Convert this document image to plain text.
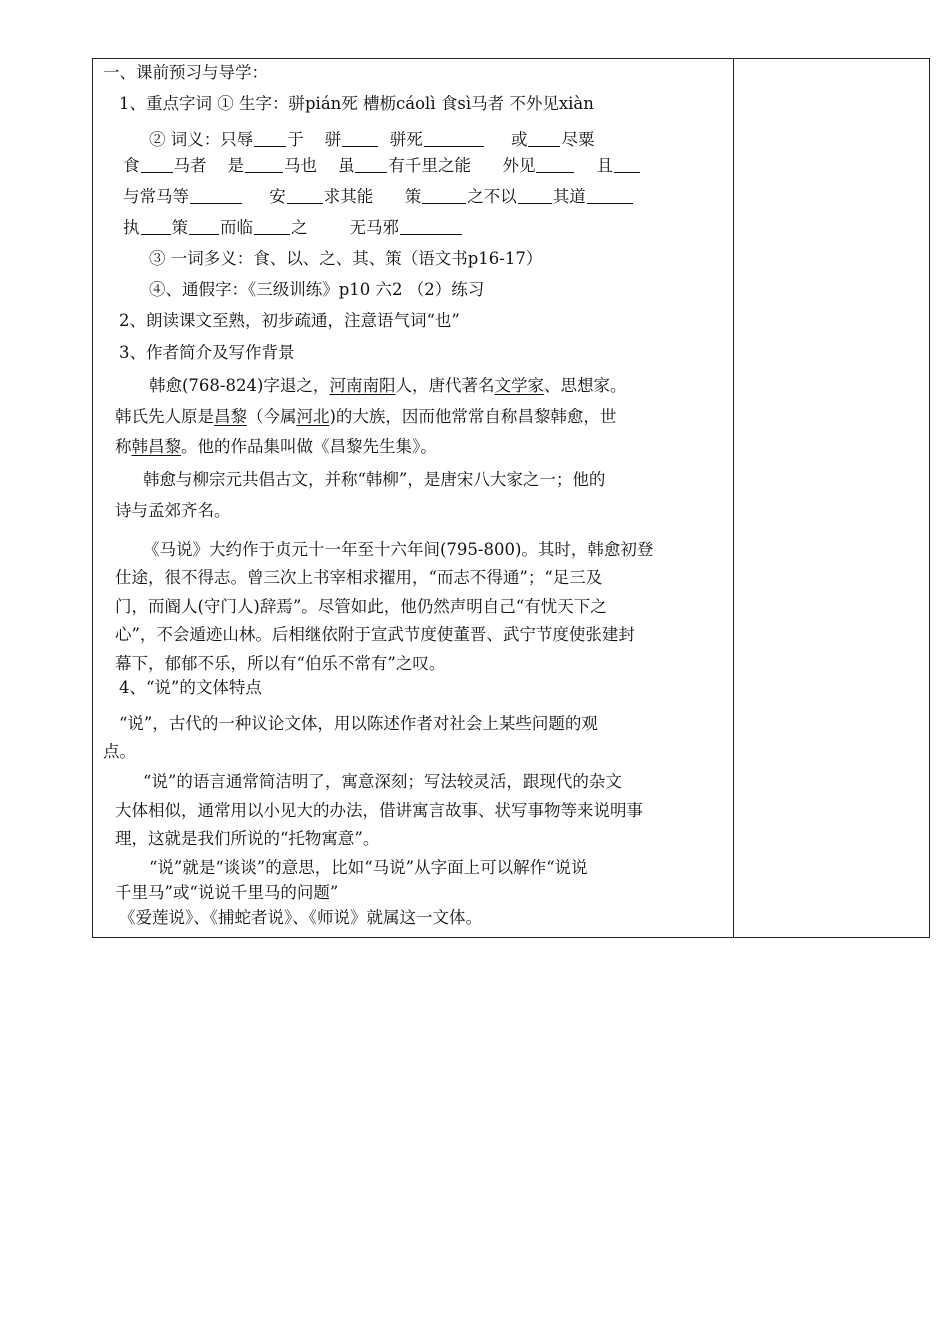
一、课前预习与导学：
1、重点字词 ① 生字：骈pián死 槽枥cáolì 食sì马者 不外见xiàn
② 词义：只辱 于 骈	骈死	或 尽粟
食 马者 是 马也 虽 有千里之能 外见	且
与常马等	安 求其能 策	之不以 其道
执 策 而临 之	无马邪
③ 一词多义：食、以、之、其、策（语文书p16-17）
④、通假字：《三级训练》p10 六2 （2）练习
2、朗读课文至熟，初步疏通，注意语气词“也”
3、作者简介及写作背景
韩愈(768-824)字退之，河南南阳人，唐代著名文学家、思想家。
韩氏先人原是昌黎（今属河北)的大族，因而他常常自称昌黎韩愈，世
称韩昌黎。他的作品集叫做《昌黎先生集》。
韩愈与柳宗元共倡古文，并称“韩柳”，是唐宋八大家之一；他的
诗与孟郊齐名。
《马说》大约作于贞元十一年至十六年间(795-800)。其时，韩愈初登
仕途，很不得志。曾三次上书宰相求擢用，“而志不得通”；“足三及
门，而阍人(守门人)辞焉”。尽管如此，他仍然声明自己“有忧天下之
心”，不会遁迹山林。后相继依附于宣武节度使董晋、武宁节度使张建封
幕下，郁郁不乐，所以有“伯乐不常有”之叹。
4、“说”的文体特点
“说”，古代的一种议论文体，用以陈述作者对社会上某些问题的观
点。
“说”的语言通常简洁明了，寓意深刻；写法较灵活，跟现代的杂文
大体相似，通常用以小见大的办法，借讲寓言故事、状写事物等来说明事
理，这就是我们所说的“托物寓意”。
“说”就是“谈谈”的意思，比如“马说”从字面上可以解作“说说
千里马”或“说说千里马的问题”
《爱莲说》、《捕蛇者说》、《师说》就属这一文体。
